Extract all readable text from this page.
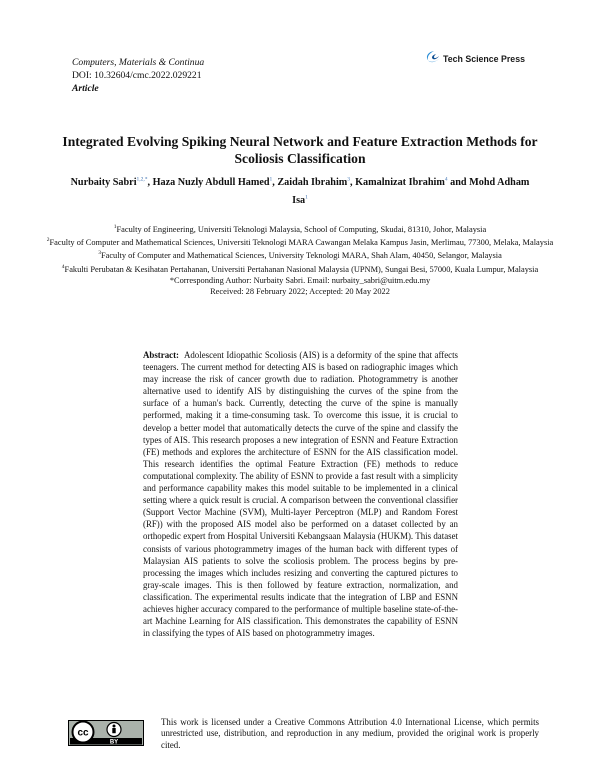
Computers, Materials & Continua
DOI: 10.32604/cmc.2022.029221
Article
Tech Science Press
Integrated Evolving Spiking Neural Network and Feature Extraction Methods for Scoliosis Classification
Nurbaity Sabri$^{1,2,*}$, Haza Nuzly Abdull Hamed$^1$, Zaidah Ibrahim$^3$, Kamalnizat Ibrahim$^4$ and Mohd Adham Isa$^1$
$^1$Faculty of Engineering, Universiti Teknologi Malaysia, School of Computing, Skudai, 81310, Johor, Malaysia
$^2$Faculty of Computer and Mathematical Sciences, Universiti Teknologi MARA Cawangan Melaka Kampus Jasin, Merlimau, 77300, Melaka, Malaysia
$^3$Faculty of Computer and Mathematical Sciences, University Teknologi MARA, Shah Alam, 40450, Selangor, Malaysia
$^4$Fakulti Perubatan & Kesihatan Pertahanan, Universiti Pertahanan Nasional Malaysia (UPNM), Sungai Besi, 57000, Kuala Lumpur, Malaysia
*Corresponding Author: Nurbaity Sabri. Email: nurbaity_sabri@uitm.edu.my
Received: 28 February 2022; Accepted: 20 May 2022
Abstract: Adolescent Idiopathic Scoliosis (AIS) is a deformity of the spine that affects teenagers. The current method for detecting AIS is based on radiographic images which may increase the risk of cancer growth due to radiation. Photogrammetry is another alternative used to identify AIS by distinguishing the curves of the spine from the surface of a human's back. Currently, detecting the curve of the spine is manually performed, making it a time-consuming task. To overcome this issue, it is crucial to develop a better model that automatically detects the curve of the spine and classify the types of AIS. This research proposes a new integration of ESNN and Feature Extraction (FE) methods and explores the architecture of ESNN for the AIS classification model. This research identifies the optimal Feature Extraction (FE) methods to reduce computational complexity. The ability of ESNN to provide a fast result with a simplicity and performance capability makes this model suitable to be implemented in a clinical setting where a quick result is crucial. A comparison between the conventional classifier (Support Vector Machine (SVM), Multi-layer Perceptron (MLP) and Random Forest (RF)) with the proposed AIS model also be performed on a dataset collected by an orthopedic expert from Hospital Universiti Kebangsaan Malaysia (HUKM). This dataset consists of various photogrammetry images of the human back with different types of Malaysian AIS patients to solve the scoliosis problem. The process begins by pre-processing the images which includes resizing and converting the captured pictures to gray-scale images. This is then followed by feature extraction, normalization, and classification. The experimental results indicate that the integration of LBP and ESNN achieves higher accuracy compared to the performance of multiple baseline state-of-the-art Machine Learning for AIS classification. This demonstrates the capability of ESNN in classifying the types of AIS based on photogrammetry images.
cc
BY
This work is licensed under a Creative Commons Attribution 4.0 International License, which permits unrestricted use, distribution, and reproduction in any medium, provided the original work is properly cited.
